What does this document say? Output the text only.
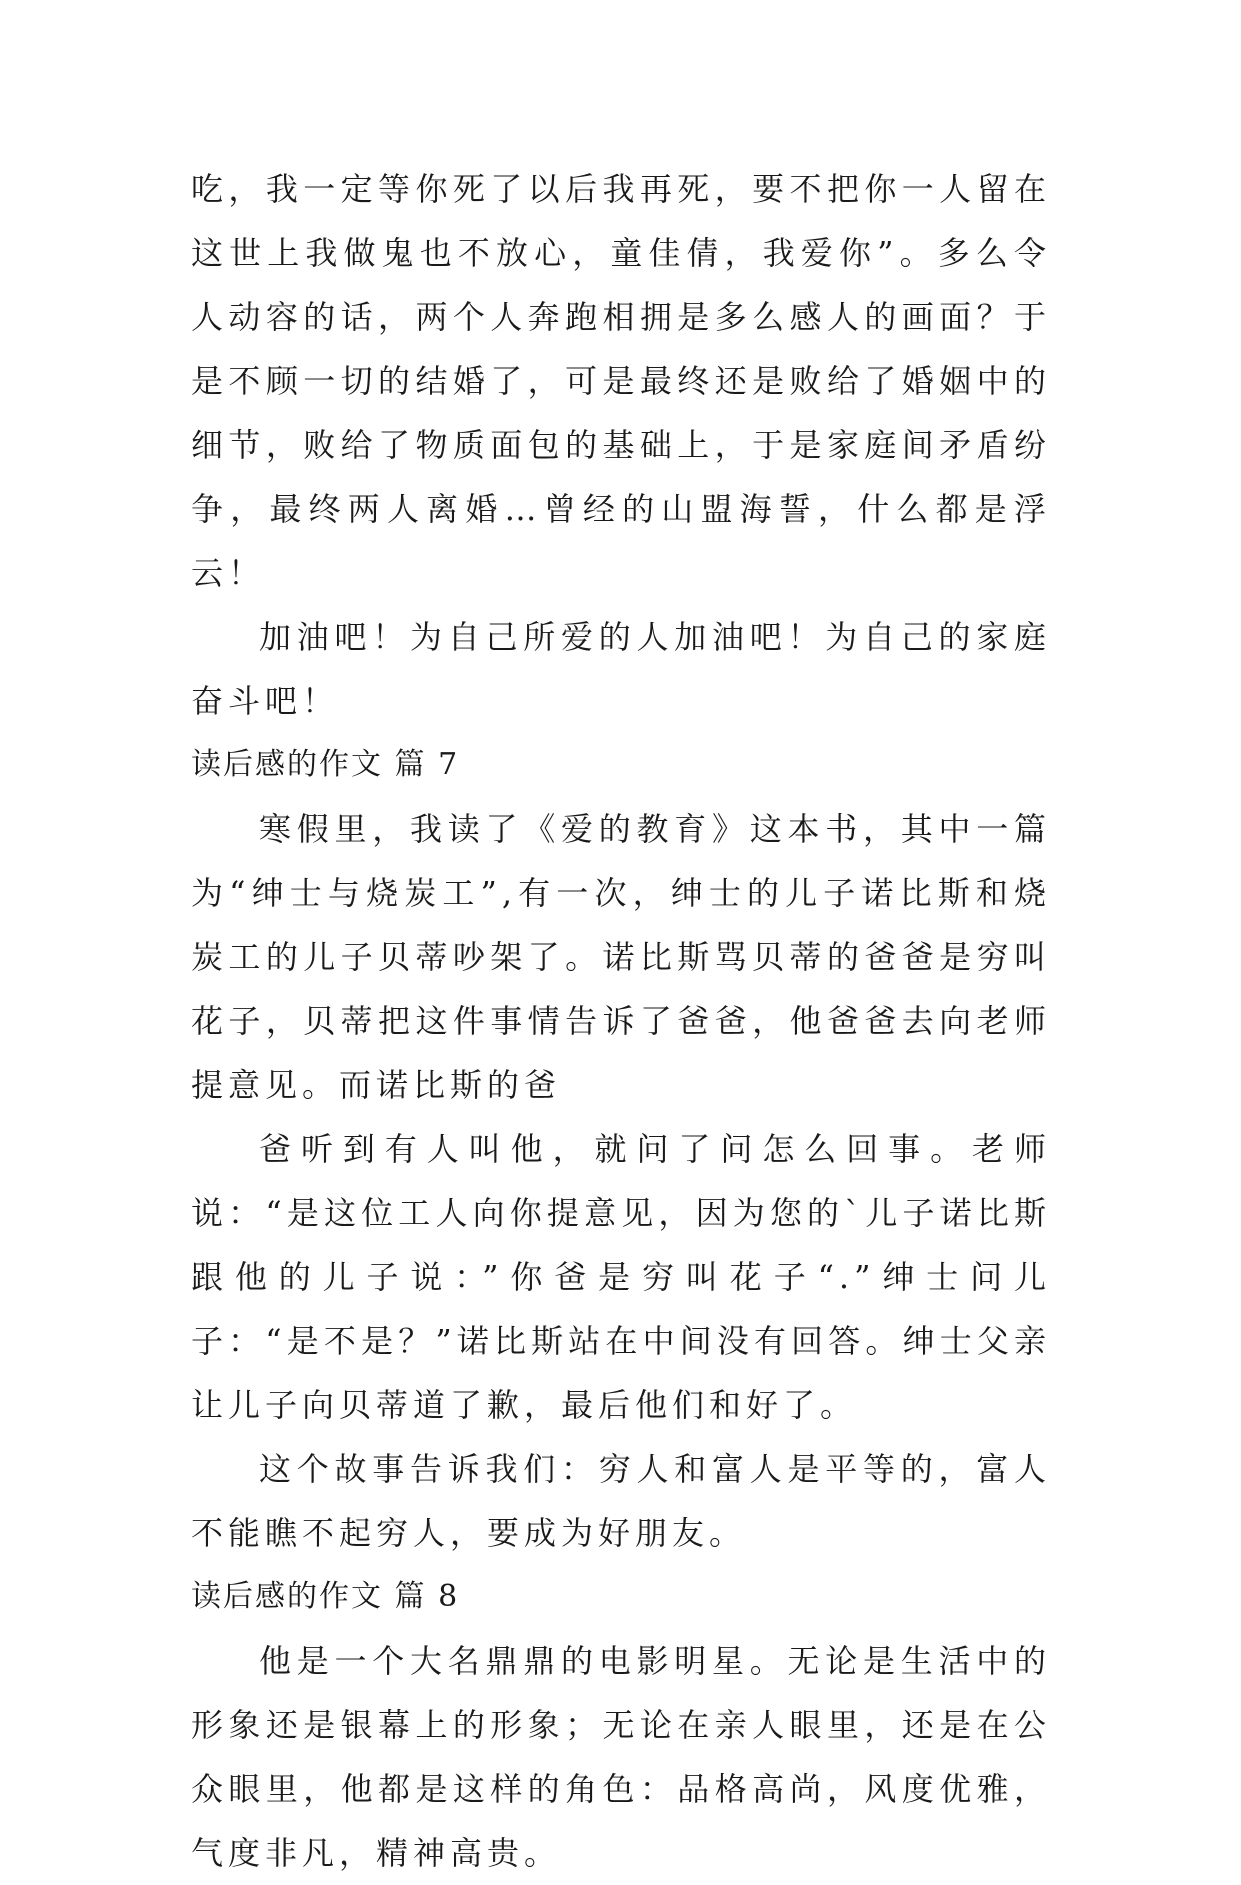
吃，我一定等你死了以后我再死，要不把你一人留在这世上我做鬼也不放心，童佳倩，我爱你”。多么令人动容的话，两个人奔跑相拥是多么感人的画面？于是不顾一切的结婚了，可是最终还是败给了婚姻中的细节，败给了物质面包的基础上，于是家庭间矛盾纷争，最终两人离婚…曾经的山盟海誓，什么都是浮云！

加油吧！为自己所爱的人加油吧！为自己的家庭奋斗吧！

读后感的作文 篇 7

寒假里，我读了《爱的教育》这本书，其中一篇为“绅士与烧炭工”,有一次，绅士的儿子诺比斯和烧炭工的儿子贝蒂吵架了。诺比斯骂贝蒂的爸爸是穷叫花子，贝蒂把这件事情告诉了爸爸，他爸爸去向老师提意见。而诺比斯的爸

爸听到有人叫他，就问了问怎么回事。老师说：“是这位工人向你提意见，因为您的`儿子诺比斯跟他的儿子说：”你爸是穷叫花子“.”绅士问儿子：“是不是？”诺比斯站在中间没有回答。绅士父亲让儿子向贝蒂道了歉，最后他们和好了。

这个故事告诉我们：穷人和富人是平等的，富人不能瞧不起穷人，要成为好朋友。

读后感的作文 篇 8

他是一个大名鼎鼎的电影明星。无论是生活中的形象还是银幕上的形象；无论在亲人眼里，还是在公众眼里，他都是这样的角色：品格高尚，风度优雅，气度非凡，精神高贵。
